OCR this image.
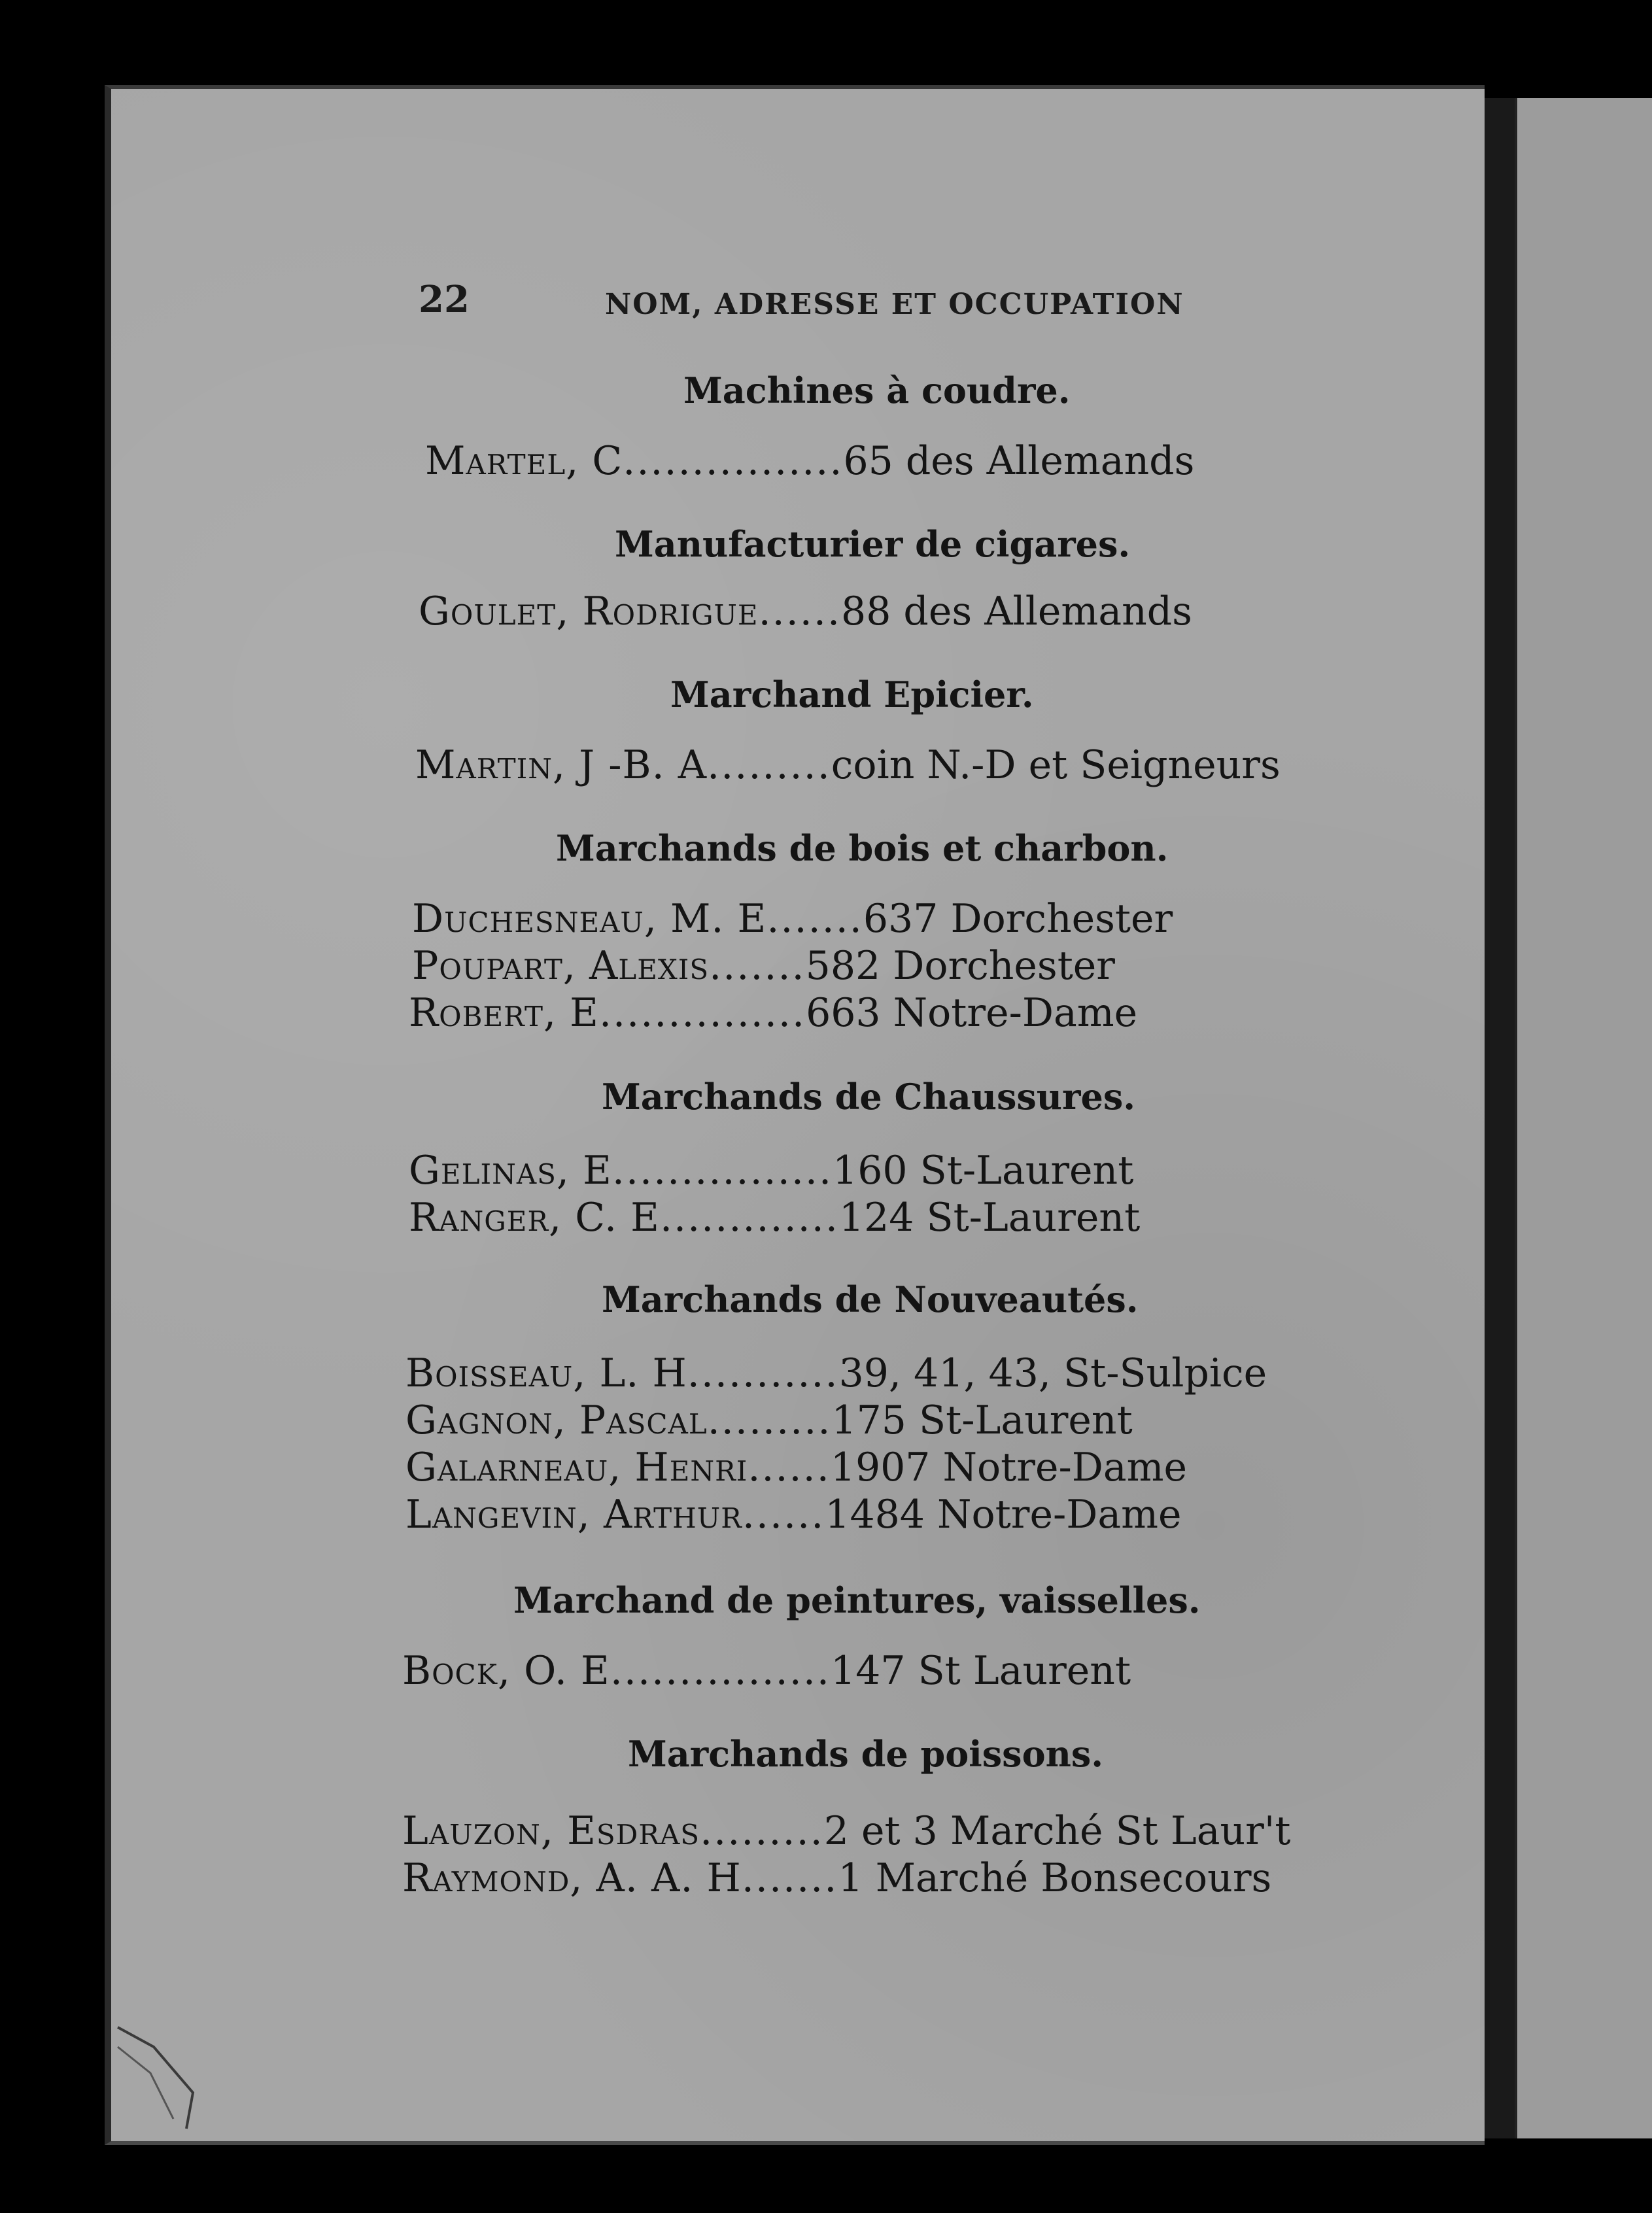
22	NOM, ADRESSE ET OCCUPATION
Machines à coudre.
Martel, C ................ 65 des Allemands
Manufacturier de cigares.
Goulet, Rodrigue ...... 88 des Allemands
Marchand Epicier.
Martin, J -B. A ......... coin N.-D et Seigneurs
Marchands de bois et charbon.
Duchesneau, M. E ....... 637 Dorchester
Poupart, Alexis ....... 582 Dorchester
Robert, E ............... 663 Notre-Dame
Marchands de Chaussures.
Gelinas, E ................ 160 St-Laurent
Ranger, C. E ............. 124 St-Laurent
Marchands de Nouveautés.
Boisseau, L. H ........... 39, 41, 43, St-Sulpice
Gagnon, Pascal ......... 175 St-Laurent
Galarneau, Henri ...... 1907 Notre-Dame
Langevin, Arthur ...... 1484 Notre-Dame
Marchand de peintures, vaisselles.
Bock, O. E ................ 147 St Laurent
Marchands de poissons.
Lauzon, Esdras ......... 2 et 3 Marché St Laur't
Raymond, A. A. H ....... 1 Marché Bonsecours
